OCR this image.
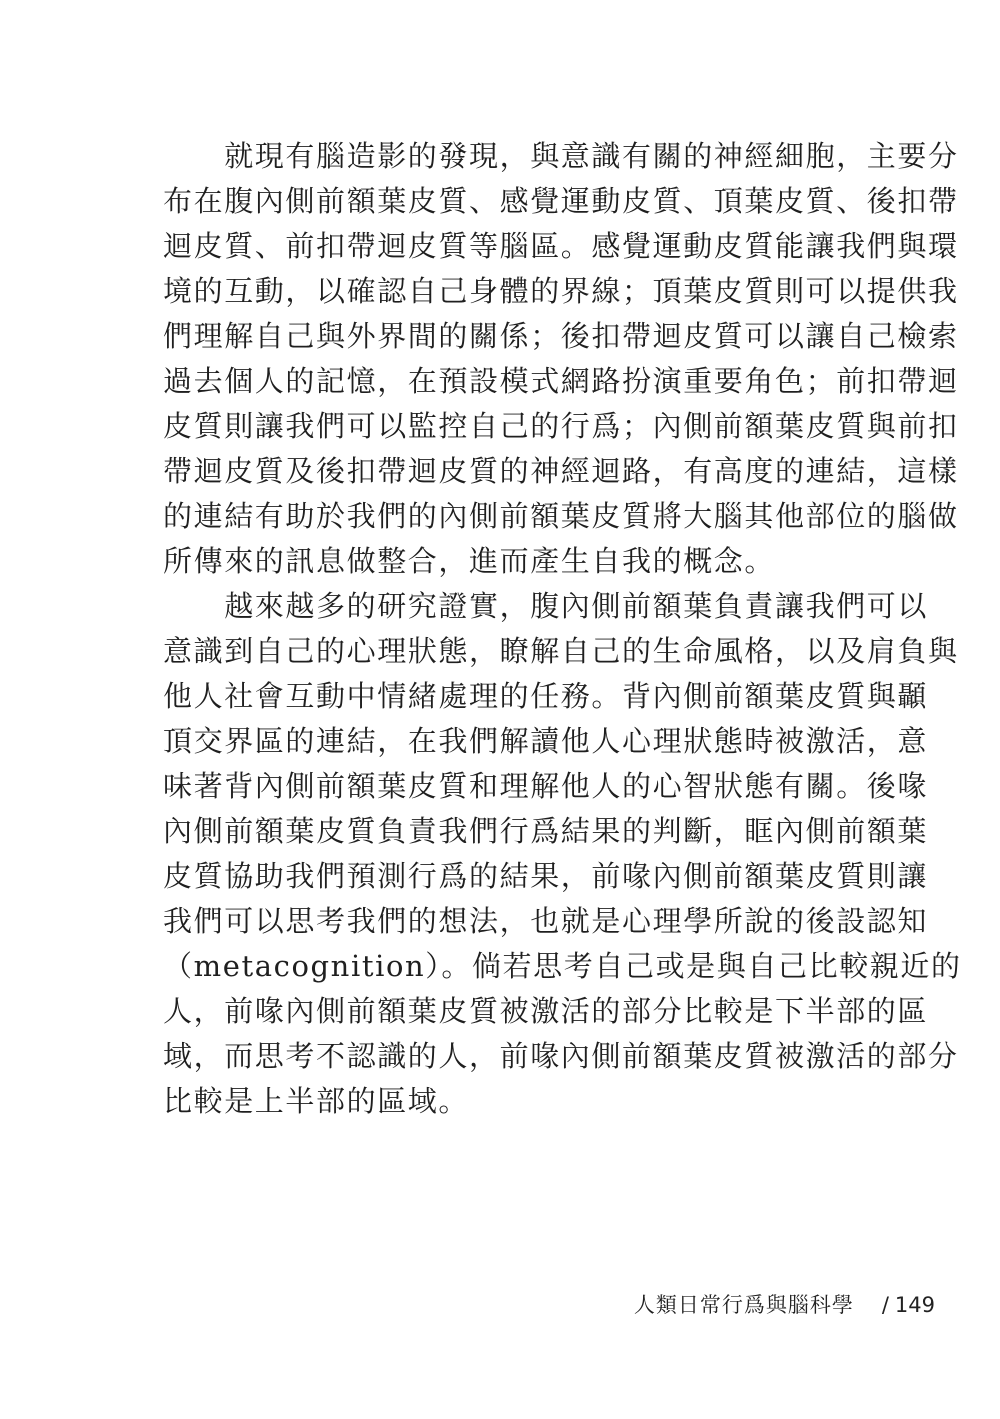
　　就現有腦造影的發現，與意識有關的神經細胞，主要分
布在腹內側前額葉皮質、感覺運動皮質、頂葉皮質、後扣帶
迴皮質、前扣帶迴皮質等腦區。感覺運動皮質能讓我們與環
境的互動，以確認自己身體的界線；頂葉皮質則可以提供我
們理解自己與外界間的關係；後扣帶迴皮質可以讓自己檢索
過去個人的記憶，在預設模式網路扮演重要角色；前扣帶迴
皮質則讓我們可以監控自己的行爲；內側前額葉皮質與前扣
帶迴皮質及後扣帶迴皮質的神經迴路，有高度的連結，這樣
的連結有助於我們的內側前額葉皮質將大腦其他部位的腦做
所傳來的訊息做整合，進而產生自我的概念。
　　越來越多的研究證實，腹內側前額葉負責讓我們可以
意識到自己的心理狀態，瞭解自己的生命風格，以及肩負與
他人社會互動中情緒處理的任務。背內側前額葉皮質與顳
頂交界區的連結，在我們解讀他人心理狀態時被激活，意
味著背內側前額葉皮質和理解他人的心智狀態有關。後喙
內側前額葉皮質負責我們行爲結果的判斷，眶內側前額葉
皮質協助我們預測行爲的結果，前喙內側前額葉皮質則讓
我們可以思考我們的想法，也就是心理學所說的後設認知
（metacognition）。倘若思考自己或是與自己比較親近的
人，前喙內側前額葉皮質被激活的部分比較是下半部的區
域，而思考不認識的人，前喙內側前額葉皮質被激活的部分
比較是上半部的區域。
人類日常行爲與腦科學 / 149
